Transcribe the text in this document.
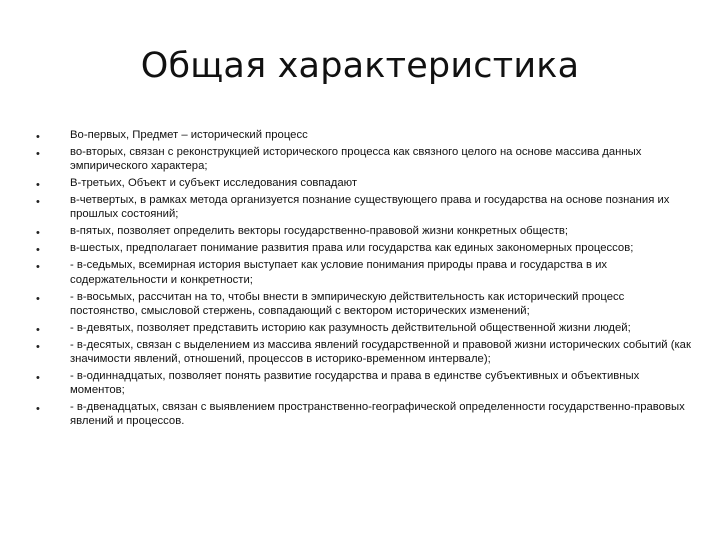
Общая характеристика
•	Во-первых, Предмет – исторический процесс
•	во-вторых, связан с реконструкцией исторического процесса как связного целого на основе массива данных эмпирического характера;
•	В-третьих, Объект и субъект исследования совпадают
•	в-четвертых, в рамках метода организуется познание существующего права и государства на основе познания их прошлых состояний;
•	в-пятых, позволяет определить векторы государственно-правовой жизни конкретных обществ;
•	в-шестых, предполагает понимание развития права или государства как единых закономерных процессов;
•	- в-седьмых, всемирная история выступает как условие понимания природы права и государства в их содержательности и конкретности;
•	- в-восьмых, рассчитан на то, чтобы внести в эмпирическую действительность как исторический процесс постоянство, смысловой стержень, совпадающий с вектором исторических изменений;
•	- в-девятых, позволяет представить историю как разумность действительной общественной жизни людей;
•	- в-десятых, связан с выделением из массива явлений государственной и правовой жизни исторических событий (как значимости явлений, отношений, процессов в историко-временном интервале);
•	- в-одиннадцатых, позволяет понять развитие государства и права в единстве субъективных и объективных моментов;
•	- в-двенадцатых, связан с выявлением пространственно-географической определенности государственно-правовых явлений и процессов.
